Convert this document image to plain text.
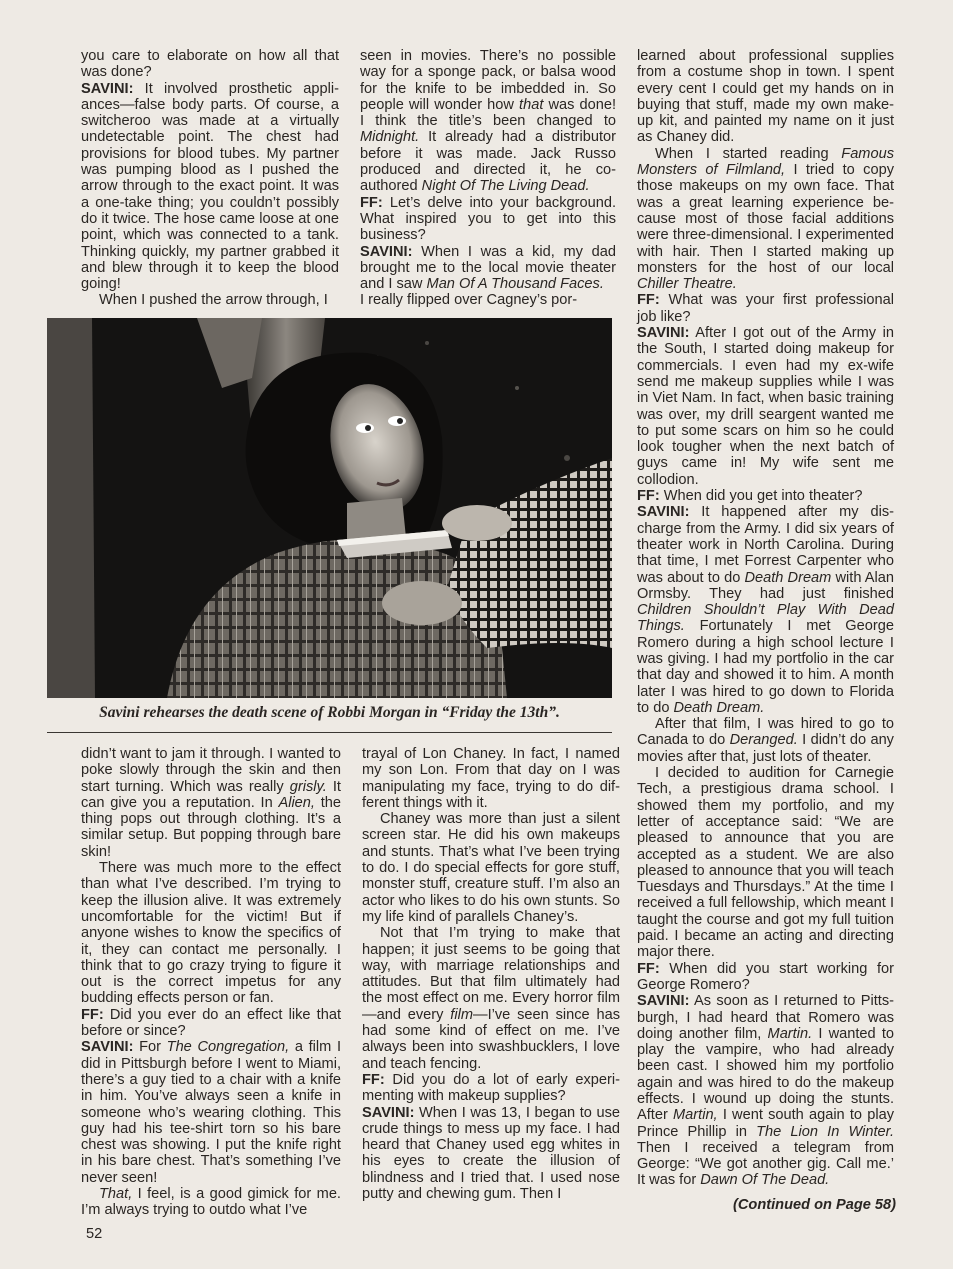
you care to elaborate on how all that was done?

SAVINI: It involved prosthetic appliances—false body parts. Of course, a switcheroo was made at a virtually undetectable point. The chest had provisions for blood tubes. My partner was pumping blood as I pushed the arrow through to the exact point. It was a one-take thing; you couldn’t possibly do it twice. The hose came loose at one point, which was connected to a tank. Thinking quickly, my partner grabbed it and blew through it to keep the blood going!

When I pushed the arrow through, I

seen in movies. There’s no possible way for a sponge pack, or balsa wood for the knife to be imbedded in. So people will wonder how that was done! I think the title’s been changed to Midnight. It already had a distributor before it was made. Jack Russo produced and directed it, he co-authored Night Of The Living Dead.

FF: Let’s delve into your background. What inspired you to get into this business?

SAVINI: When I was a kid, my dad brought me to the local movie theater and I saw Man Of A Thousand Faces.

I really flipped over Cagney’s por-

Savini rehearses the death scene of Robbi Morgan in “Friday the 13th”.

learned about professional supplies from a costume shop in town. I spent every cent I could get my hands on in buying that stuff, made my own makeup kit, and painted my name on it just as Chaney did.

When I started reading Famous Monsters of Filmland, I tried to copy those makeups on my own face. That was a great learning experience because most of those facial additions were three-dimensional. I experimented with hair. Then I started making up monsters for the host of our local Chiller Theatre.

FF: What was your first professional job like?

SAVINI: After I got out of the Army in the South, I started doing makeup for commercials. I even had my ex-wife send me makeup supplies while I was in Viet Nam. In fact, when basic training was over, my drill seargent wanted me to put some scars on him so he could look tougher when the next batch of guys came in! My wife sent me collodion.

FF: When did you get into theater?

SAVINI: It happened after my discharge from the Army. I did six years of theater work in North Carolina. During that time, I met Forrest Carpenter who was about to do Death Dream with Alan Ormsby. They had just finished Children Shouldn’t Play With Dead Things. Fortunately I met George Romero during a high school lecture I was giving. I had my portfolio in the car that day and showed it to him. A month later I was hired to go down to Florida to do Death Dream.

After that film, I was hired to go to Canada to do Deranged. I didn’t do any movies after that, just lots of theater.

I decided to audition for Carnegie Tech, a prestigious drama school. I showed them my portfolio, and my letter of acceptance said: “We are pleased to announce that you are accepted as a student. We are also pleased to announce that you will teach Tuesdays and Thursdays.” At the time I received a full fellowship, which meant I taught the course and got my full tuition paid. I became an acting and directing major there.

FF: When did you start working for George Romero?

SAVINI: As soon as I returned to Pittsburgh, I had heard that Romero was doing another film, Martin. I wanted to play the vampire, who had already been cast. I showed him my portfolio again and was hired to do the makeup effects. I wound up doing the stunts. After Martin, I went south again to play Prince Phillip in The Lion In Winter. Then I received a telegram from George: “We got another gig. Call me.’ It was for Dawn Of The Dead.

didn’t want to jam it through. I wanted to poke slowly through the skin and then start turning. Which was really grisly. It can give you a reputation. In Alien, the thing pops out through clothing. It’s a similar setup. But popping through bare skin!

There was much more to the effect than what I’ve described. I’m trying to keep the illusion alive. It was extremely uncomfortable for the victim! But if anyone wishes to know the specifics of it, they can contact me personally. I think that to go crazy trying to figure it out is the correct impetus for any budding effects person or fan.

FF: Did you ever do an effect like that before or since?

SAVINI: For The Congregation, a film I did in Pittsburgh before I went to Miami, there’s a guy tied to a chair with a knife in him. You’ve always seen a knife in someone who’s wearing clothing. This guy had his tee-shirt torn so his bare chest was showing. I put the knife right in his bare chest. That’s something I’ve never seen!

That, I feel, is a good gimick for me. I’m always trying to outdo what I’ve

trayal of Lon Chaney. In fact, I named my son Lon. From that day on I was manipulating my face, trying to do different things with it.

Chaney was more than just a silent screen star. He did his own makeups and stunts. That’s what I’ve been trying to do. I do special effects for gore stuff, monster stuff, creature stuff. I’m also an actor who likes to do his own stunts. So my life kind of parallels Chaney’s.

Not that I’m trying to make that happen; it just seems to be going that way, with marriage relationships and attitudes. But that film ultimately had the most effect on me. Every horror film—and every film—I’ve seen since has had some kind of effect on me. I’ve always been into swashbucklers, I love and teach fencing.

FF: Did you do a lot of early experimenting with makeup supplies?

SAVINI: When I was 13, I began to use crude things to mess up my face. I had heard that Chaney used egg whites in his eyes to create the illusion of blindness and I tried that. I used nose putty and chewing gum. Then I

(Continued on Page 58)
52
